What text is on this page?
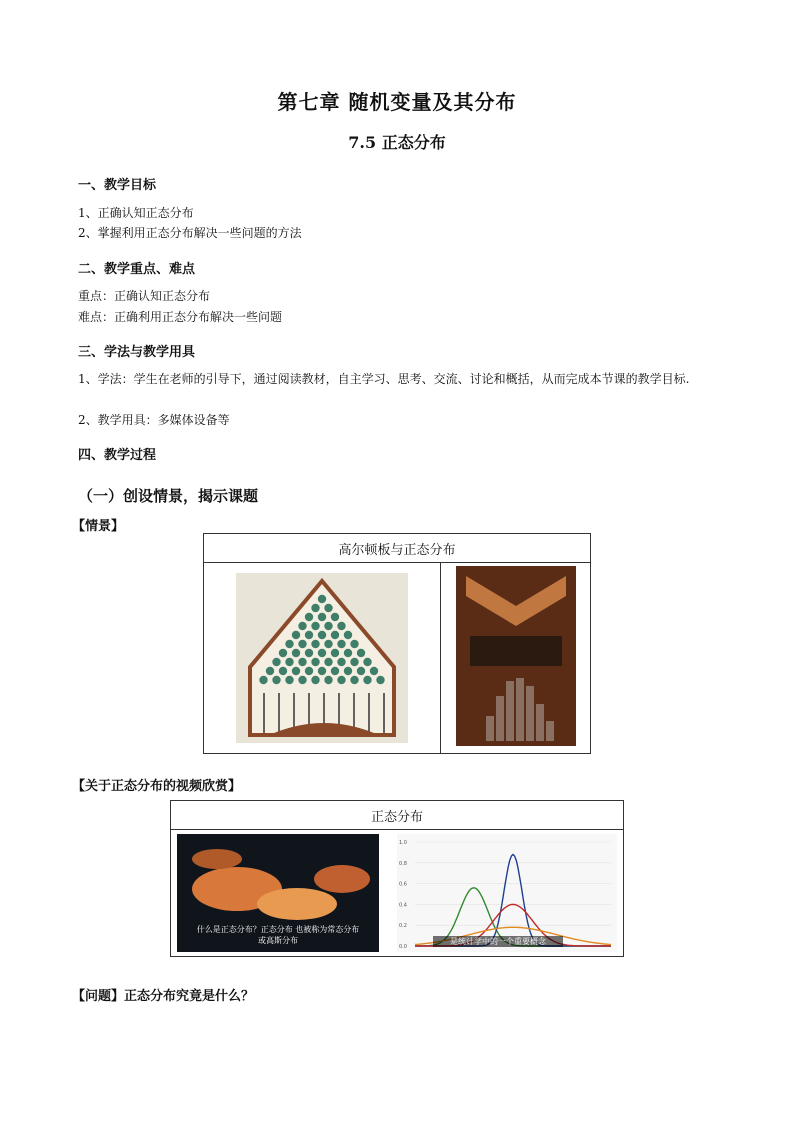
第七章 随机变量及其分布
7.5 正态分布
一、教学目标
1、正确认知正态分布
2、掌握利用正态分布解决一些问题的方法
二、教学重点、难点
重点：正确认知正态分布
难点：正确利用正态分布解决一些问题
三、学法与教学用具
1、学法：学生在老师的引导下，通过阅读教材，自主学习、思考、交流、讨论和概括，从而完成本节课的教学目标.
2、教学用具：多媒体设备等
四、教学过程
（一）创设情景，揭示课题
【情景】
高尔顿板与正态分布

【关于正态分布的视频欣赏】
正态分布

什么是正态分布？正态分布 也被称为常态分布
或高斯分布
0.0
0.2
0.4
0.6
0.8
1.0
是统计学中的一个重要概念
【问题】正态分布究竟是什么？
